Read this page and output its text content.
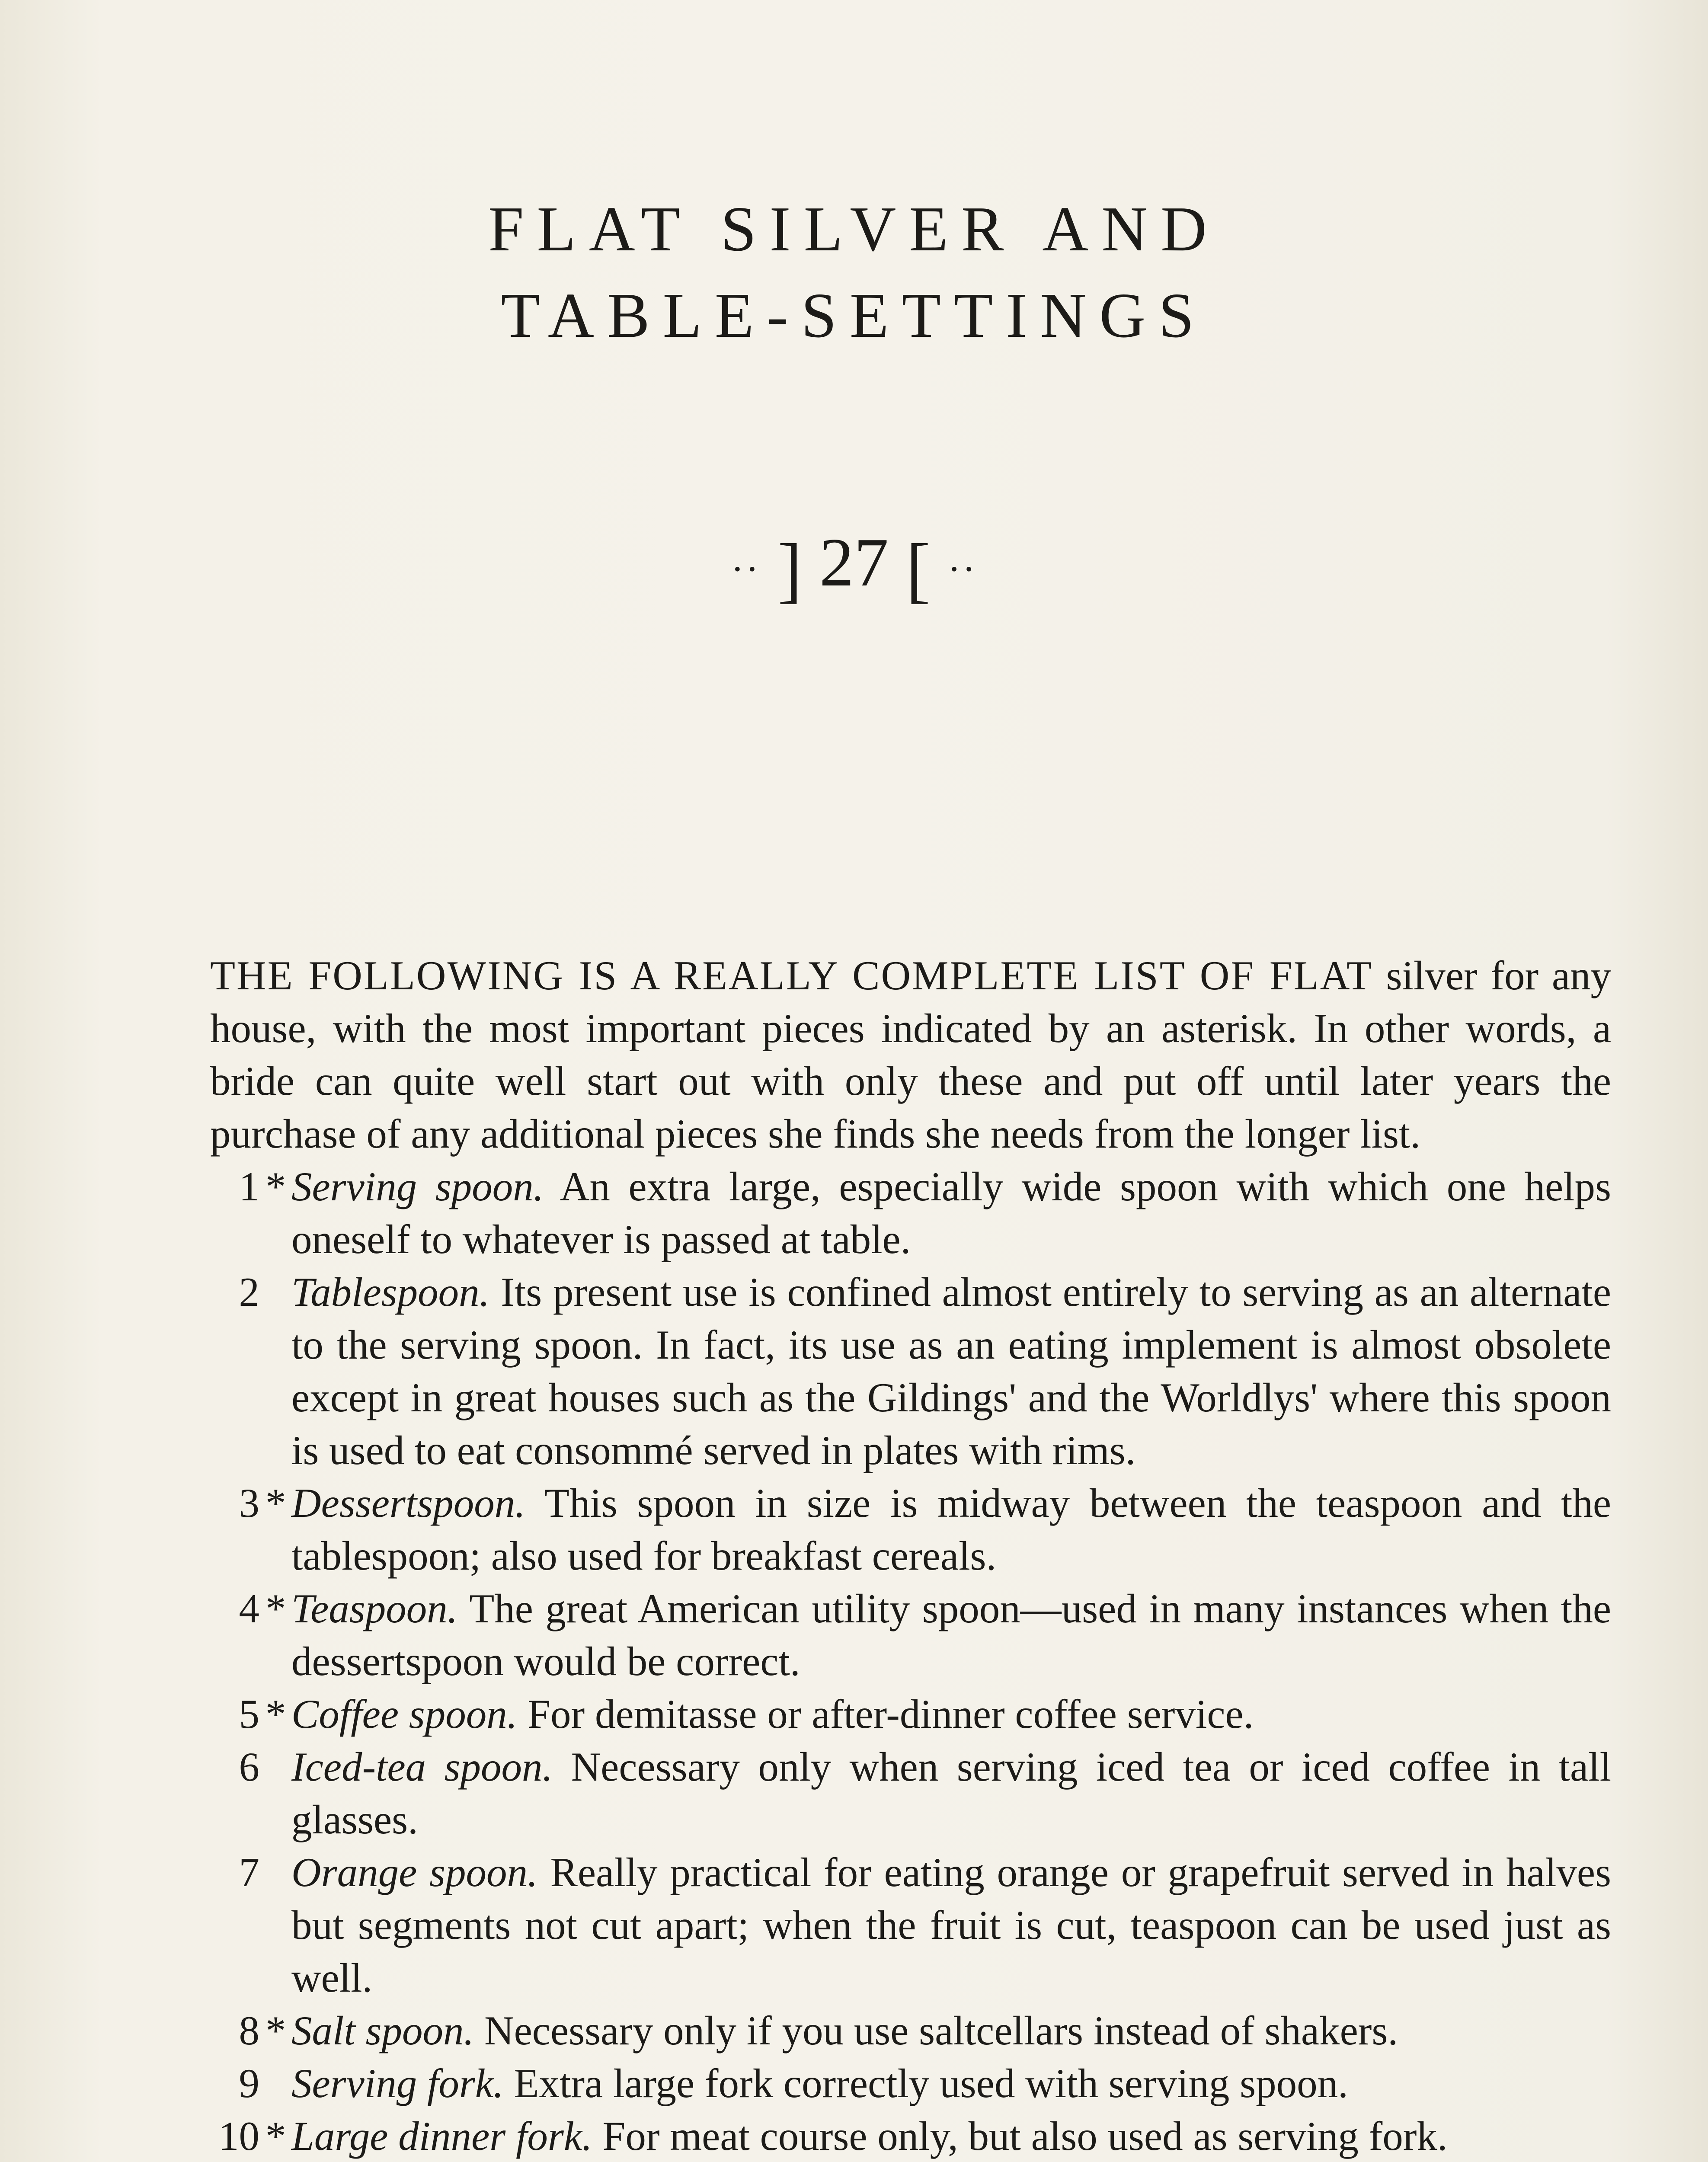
FLAT SILVER AND
TABLE-SETTINGS
·· ] 27 [ ··

THE FOLLOWING IS A REALLY COMPLETE LIST OF FLAT silver for any house, with the most important pieces indicated by an asterisk. In other words, a bride can quite well start out with only these and put off until later years the purchase of any additional pieces she finds she needs from the longer list.

1 * Serving spoon. An extra large, especially wide spoon with which one helps oneself to whatever is passed at table.
2 Tablespoon. Its present use is confined almost entirely to serving as an alternate to the serving spoon. In fact, its use as an eating implement is almost obsolete except in great houses such as the Gildings' and the Worldlys' where this spoon is used to eat consommé served in plates with rims.
3 * Dessertspoon. This spoon in size is midway between the teaspoon and the tablespoon; also used for breakfast cereals.
4 * Teaspoon. The great American utility spoon—used in many instances when the dessertspoon would be correct.
5 * Coffee spoon. For demitasse or after-dinner coffee service.
6 Iced-tea spoon. Necessary only when serving iced tea or iced coffee in tall glasses.
7 Orange spoon. Really practical for eating orange or grapefruit served in halves but segments not cut apart; when the fruit is cut, teaspoon can be used just as well.
8 * Salt spoon. Necessary only if you use saltcellars instead of shakers.
9 Serving fork. Extra large fork correctly used with serving spoon.
10 * Large dinner fork. For meat course only, but also used as serving fork.
